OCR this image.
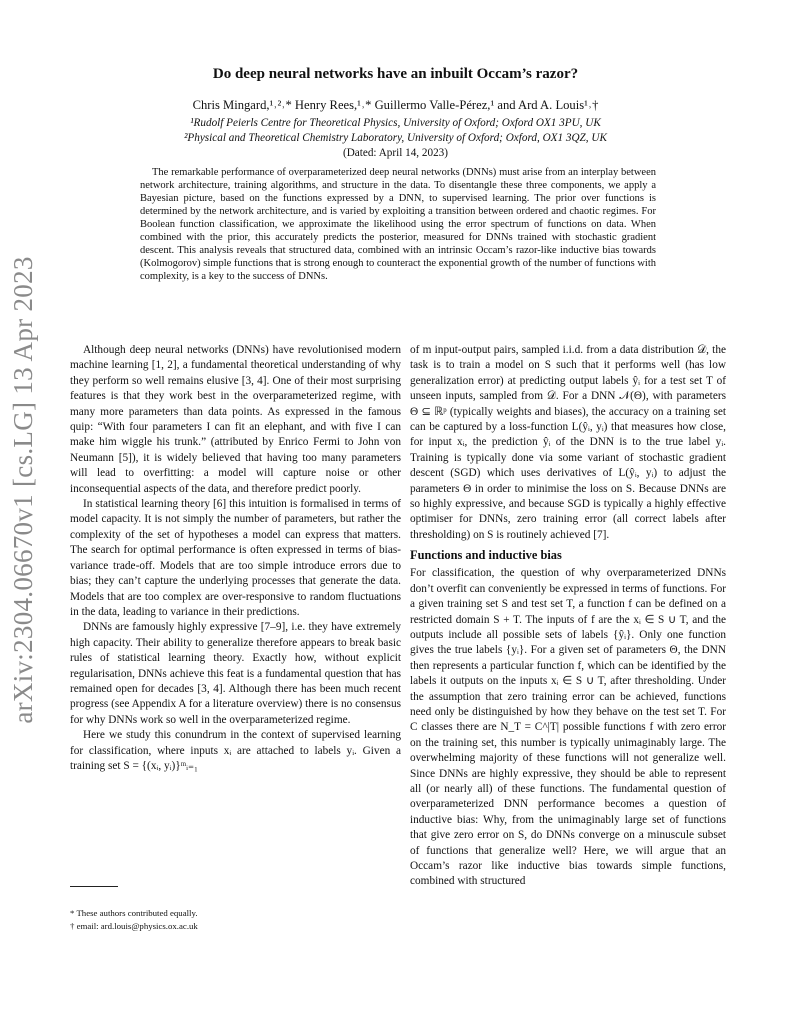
arXiv:2304.06670v1 [cs.LG] 13 Apr 2023
Do deep neural networks have an inbuilt Occam’s razor?
Chris Mingard,¹˒²˒* Henry Rees,¹˒* Guillermo Valle-Pérez,¹ and Ard A. Louis¹˒†
¹Rudolf Peierls Centre for Theoretical Physics, University of Oxford; Oxford OX1 3PU, UK
²Physical and Theoretical Chemistry Laboratory, University of Oxford; Oxford, OX1 3QZ, UK
(Dated: April 14, 2023)

The remarkable performance of overparameterized deep neural networks (DNNs) must arise from an interplay between network architecture, training algorithms, and structure in the data. To disentangle these three components, we apply a Bayesian picture, based on the functions expressed by a DNN, to supervised learning. The prior over functions is determined by the network architecture, and is varied by exploiting a transition between ordered and chaotic regimes. For Boolean function classification, we approximate the likelihood using the error spectrum of functions on data. When combined with the prior, this accurately predicts the posterior, measured for DNNs trained with stochastic gradient descent. This analysis reveals that structured data, combined with an intrinsic Occam’s razor-like inductive bias towards (Kolmogorov) simple functions that is strong enough to counteract the exponential growth of the number of functions with complexity, is a key to the success of DNNs.

Although deep neural networks (DNNs) have revolutionised modern machine learning [1, 2], a fundamental theoretical understanding of why they perform so well remains elusive [3, 4]. One of their most surprising features is that they work best in the overparameterized regime, with many more parameters than data points. As expressed in the famous quip: “With four parameters I can fit an elephant, and with five I can make him wiggle his trunk.” (attributed by Enrico Fermi to John von Neumann [5]), it is widely believed that having too many parameters will lead to overfitting: a model will capture noise or other inconsequential aspects of the data, and therefore predict poorly.

In statistical learning theory [6] this intuition is formalised in terms of model capacity. It is not simply the number of parameters, but rather the complexity of the set of hypotheses a model can express that matters. The search for optimal performance is often expressed in terms of bias-variance trade-off. Models that are too simple introduce errors due to bias; they can’t capture the underlying processes that generate the data. Models that are too complex are over-responsive to random fluctuations in the data, leading to variance in their predictions.

DNNs are famously highly expressive [7–9], i.e. they have extremely high capacity. Their ability to generalize therefore appears to break basic rules of statistical learning theory. Exactly how, without explicit regularisation, DNNs achieve this feat is a fundamental question that has remained open for decades [3, 4]. Although there has been much recent progress (see Appendix A for a literature overview) there is no consensus for why DNNs work so well in the overparameterized regime.

Here we study this conundrum in the context of supervised learning for classification, where inputs xᵢ are attached to labels yᵢ. Given a training set S = {(xᵢ, yᵢ)}ᵐᵢ₌₁

of m input-output pairs, sampled i.i.d. from a data distribution 𝒟, the task is to train a model on S such that it performs well (has low generalization error) at predicting output labels ŷᵢ for a test set T of unseen inputs, sampled from 𝒟. For a DNN 𝒩(Θ), with parameters Θ ⊆ ℝᵖ (typically weights and biases), the accuracy on a training set can be captured by a loss-function L(ŷᵢ, yᵢ) that measures how close, for input xᵢ, the prediction ŷᵢ of the DNN is to the true label yᵢ. Training is typically done via some variant of stochastic gradient descent (SGD) which uses derivatives of L(ŷᵢ, yᵢ) to adjust the parameters Θ in order to minimise the loss on S. Because DNNs are so highly expressive, and because SGD is typically a highly effective optimiser for DNNs, zero training error (all correct labels after thresholding) on S is routinely achieved [7].

Functions and inductive bias

For classification, the question of why overparameterized DNNs don’t overfit can conveniently be expressed in terms of functions. For a given training set S and test set T, a function f can be defined on a restricted domain S + T. The inputs of f are the xᵢ ∈ S ∪ T, and the outputs include all possible sets of labels {ŷᵢ}. Only one function gives the true labels {yᵢ}. For a given set of parameters Θ, the DNN then represents a particular function f, which can be identified by the labels it outputs on the inputs xᵢ ∈ S ∪ T, after thresholding. Under the assumption that zero training error can be achieved, functions need only be distinguished by how they behave on the test set T. For C classes there are N_T = C^|T| possible functions f with zero error on the training set, this number is typically unimaginably large. The overwhelming majority of these functions will not generalize well. Since DNNs are highly expressive, they should be able to represent all (or nearly all) of these functions. The fundamental question of overparameterized DNN performance becomes a question of inductive bias: Why, from the unimaginably large set of functions that give zero error on S, do DNNs converge on a minuscule subset of functions that generalize well? Here, we will argue that an Occam’s razor like inductive bias towards simple functions, combined with structured

* These authors contributed equally.
† email: ard.louis@physics.ox.ac.uk
